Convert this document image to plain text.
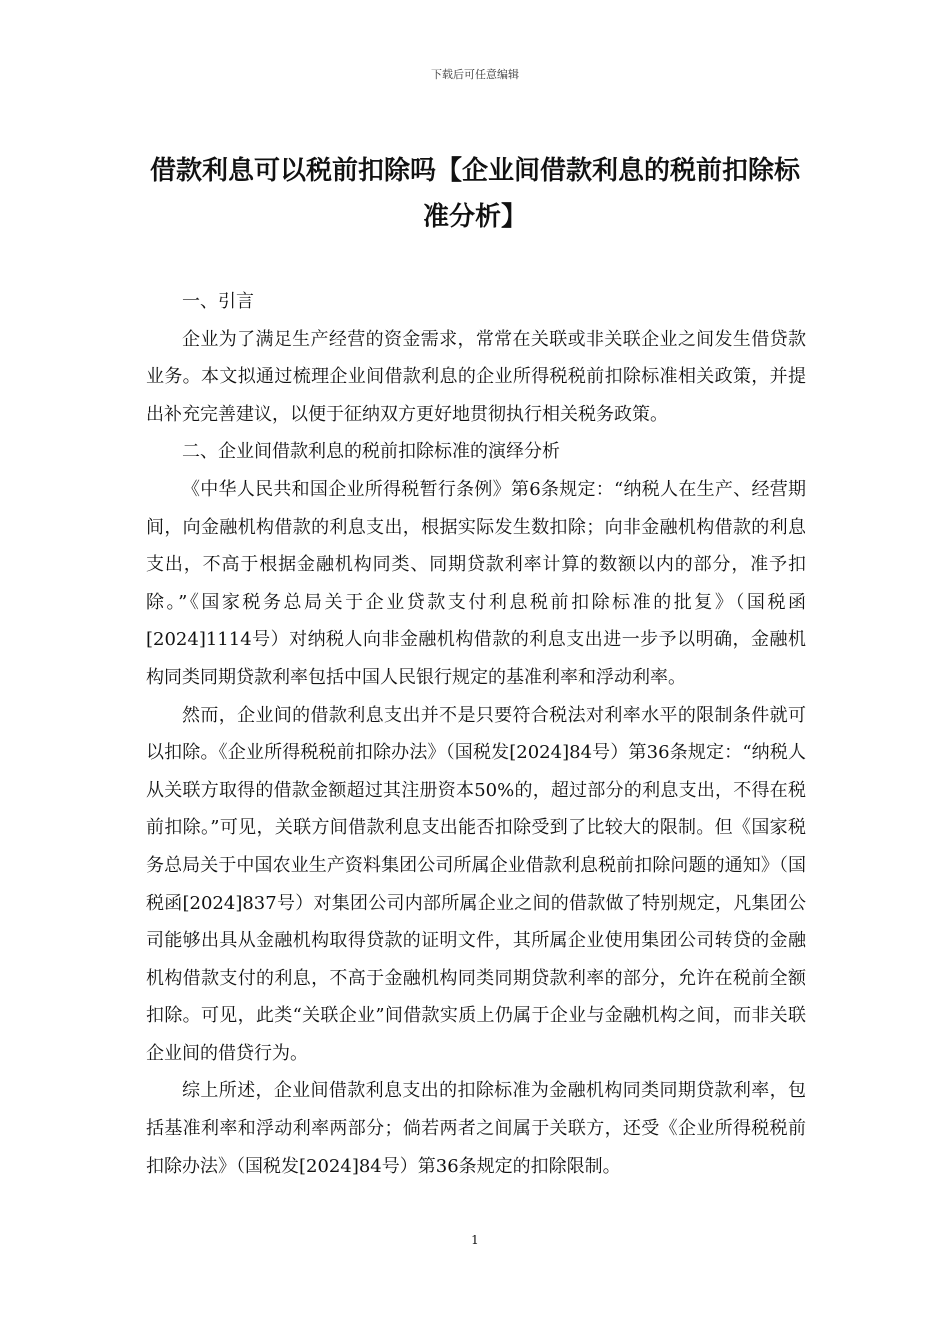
下载后可任意编辑
借款利息可以税前扣除吗【企业间借款利息的税前扣除标准分析】

一、引言

企业为了满足生产经营的资金需求，常常在关联或非关联企业之间发生借贷款业务。本文拟通过梳理企业间借款利息的企业所得税税前扣除标准相关政策，并提出补充完善建议，以便于征纳双方更好地贯彻执行相关税务政策。

二、企业间借款利息的税前扣除标准的演绎分析

《中华人民共和国企业所得税暂行条例》第6条规定：“纳税人在生产、经营期间，向金融机构借款的利息支出，根据实际发生数扣除；向非金融机构借款的利息支出，不高于根据金融机构同类、同期贷款利率计算的数额以内的部分，准予扣除。”《国家税务总局关于企业贷款支付利息税前扣除标准的批复》（国税函[2024]1114号）对纳税人向非金融机构借款的利息支出进一步予以明确，金融机构同类同期贷款利率包括中国人民银行规定的基准利率和浮动利率。

然而，企业间的借款利息支出并不是只要符合税法对利率水平的限制条件就可以扣除。《企业所得税税前扣除办法》（国税发[2024]84号）第36条规定：“纳税人从关联方取得的借款金额超过其注册资本50%的，超过部分的利息支出，不得在税前扣除。”可见，关联方间借款利息支出能否扣除受到了比较大的限制。但《国家税务总局关于中国农业生产资料集团公司所属企业借款利息税前扣除问题的通知》（国税函[2024]837号）对集团公司内部所属企业之间的借款做了特别规定，凡集团公司能够出具从金融机构取得贷款的证明文件，其所属企业使用集团公司转贷的金融机构借款支付的利息，不高于金融机构同类同期贷款利率的部分，允许在税前全额扣除。可见，此类“关联企业”间借款实质上仍属于企业与金融机构之间，而非关联企业间的借贷行为。

综上所述，企业间借款利息支出的扣除标准为金融机构同类同期贷款利率，包括基准利率和浮动利率两部分；倘若两者之间属于关联方，还受《企业所得税税前扣除办法》（国税发[2024]84号）第36条规定的扣除限制。

1
